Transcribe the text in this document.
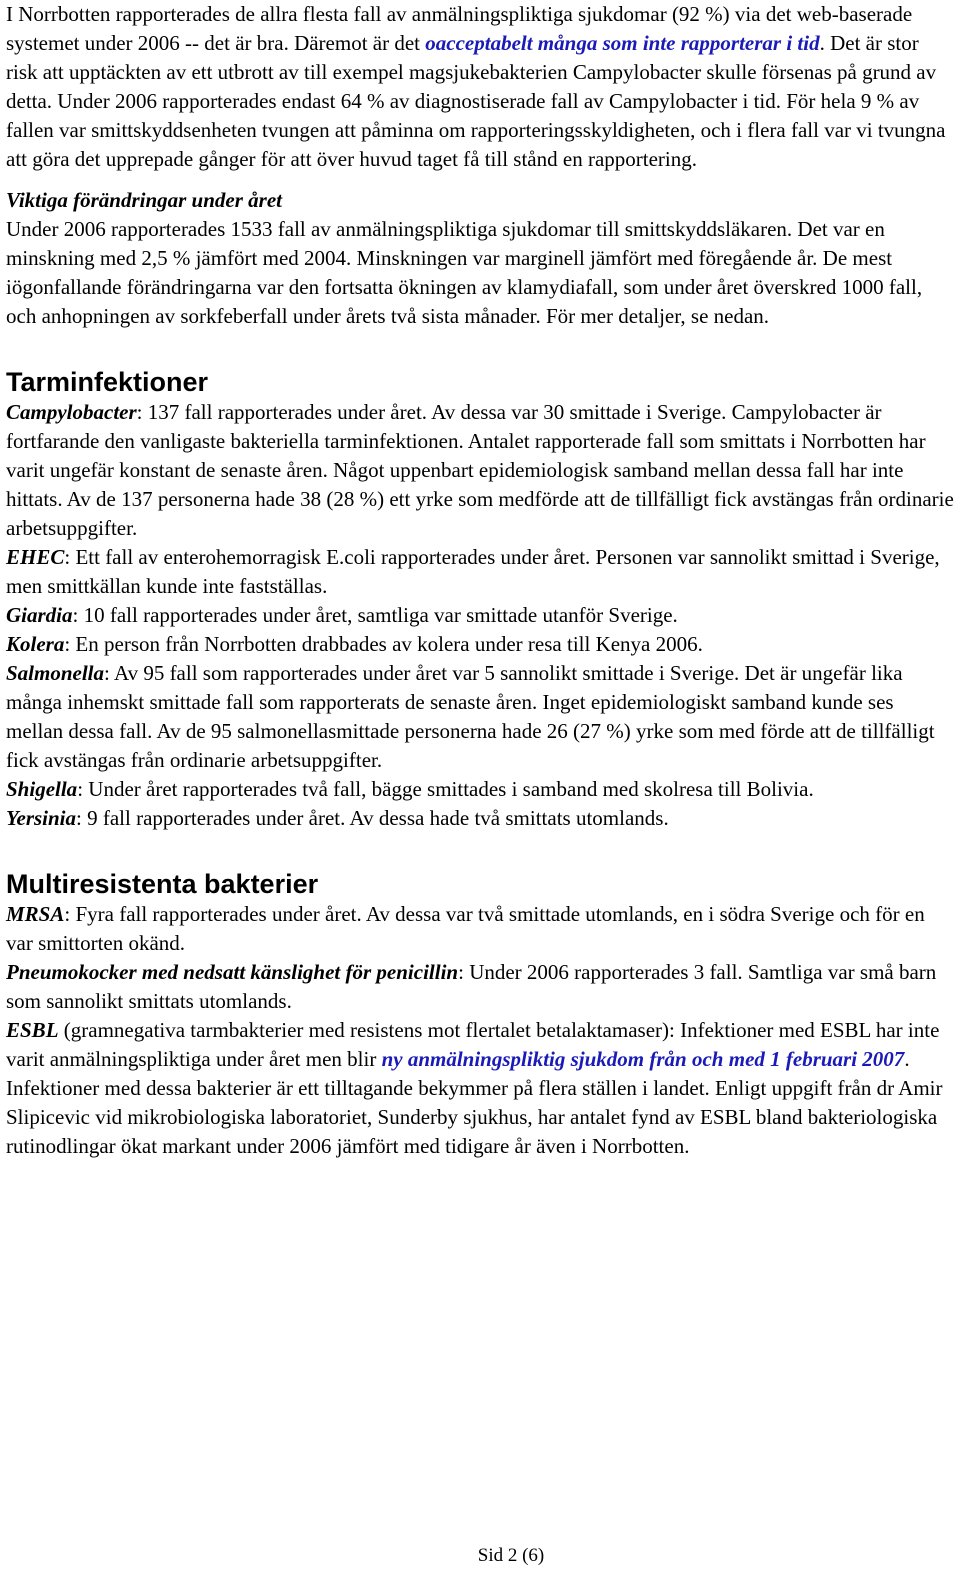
I Norrbotten rapporterades de allra flesta fall av anmälningspliktiga sjukdomar (92 %) via det web-baserade systemet under 2006 -- det är bra. Däremot är det oacceptabelt många som inte rapporterar i tid. Det är stor risk att upptäckten av ett utbrott av till exempel magsjukebakterien Campylobacter skulle försenas på grund av detta. Under 2006 rapporterades endast 64 % av diagnostiserade fall av Campylobacter i tid. För hela 9 % av fallen var smittskyddsenheten tvungen att påminna om rapporteringsskyldigheten, och i flera fall var vi tvungna att göra det upprepade gånger för att över huvud taget få till stånd en rapportering.

Viktiga förändringar under året

Under 2006 rapporterades 1533 fall av anmälningspliktiga sjukdomar till smittskyddsläkaren. Det var en minskning med 2,5 % jämfört med 2004. Minskningen var marginell jämfört med föregående år. De mest iögonfallande förändringarna var den fortsatta ökningen av klamydiafall, som under året överskred 1000 fall, och anhopningen av sorkfeberfall under årets två sista månader. För mer detaljer, se nedan.

Tarminfektioner

Campylobacter: 137 fall rapporterades under året. Av dessa var 30 smittade i Sverige. Campylobacter är fortfarande den vanligaste bakteriella tarminfektionen. Antalet rapporterade fall som smittats i Norrbotten har varit ungefär konstant de senaste åren. Något uppenbart epidemiologisk samband mellan dessa fall har inte hittats. Av de 137 personerna hade 38 (28 %) ett yrke som medförde att de tillfälligt fick avstängas från ordinarie arbetsuppgifter.

EHEC: Ett fall av enterohemorragisk E.coli rapporterades under året. Personen var sannolikt smittad i Sverige, men smittkällan kunde inte fastställas.

Giardia: 10 fall rapporterades under året, samtliga var smittade utanför Sverige.

Kolera: En person från Norrbotten drabbades av kolera under resa till Kenya 2006.

Salmonella: Av 95 fall som rapporterades under året var 5 sannolikt smittade i Sverige. Det är ungefär lika många inhemskt smittade fall som rapporterats de senaste åren. Inget epidemiologiskt samband kunde ses mellan dessa fall. Av de 95 salmonellasmittade personerna hade 26 (27 %) yrke som med förde att de tillfälligt fick avstängas från ordinarie arbetsuppgifter.

Shigella: Under året rapporterades två fall, bägge smittades i samband med skolresa till Bolivia.

Yersinia: 9 fall rapporterades under året. Av dessa hade två smittats utomlands.

Multiresistenta bakterier

MRSA: Fyra fall rapporterades under året. Av dessa var två smittade utomlands, en i södra Sverige och för en var smittorten okänd.

Pneumokocker med nedsatt känslighet för penicillin: Under 2006 rapporterades 3 fall. Samtliga var små barn som sannolikt smittats utomlands.

ESBL (gramnegativa tarmbakterier med resistens mot flertalet betalaktamaser): Infektioner med ESBL har inte varit anmälningspliktiga under året men blir ny anmälningspliktig sjukdom från och med 1 februari 2007. Infektioner med dessa bakterier är ett tilltagande bekymmer på flera ställen i landet. Enligt uppgift från dr Amir Slipicevic vid mikrobiologiska laboratoriet, Sunderby sjukhus, har antalet fynd av ESBL bland bakteriologiska rutinodlingar ökat markant under 2006 jämfört med tidigare år även i Norrbotten.

Sid 2 (6)
